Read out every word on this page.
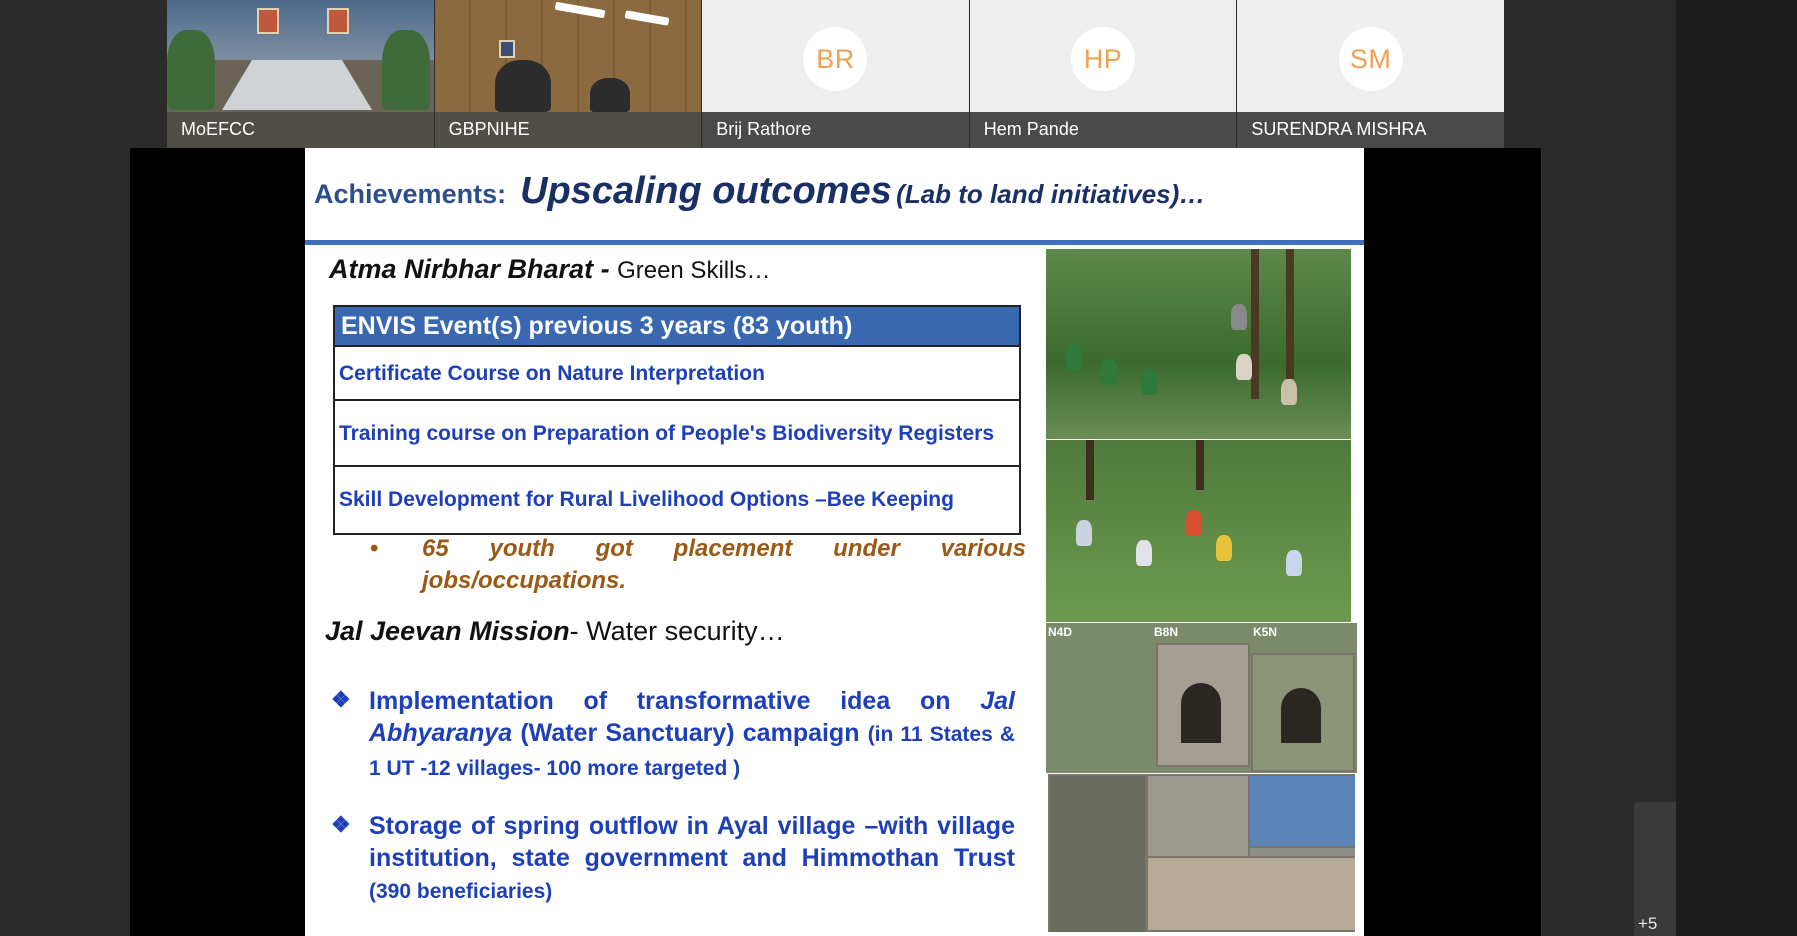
+5
MoEFCC	GBPNIHE
BR
Brij Rathore
HP
Hem Pande
SM
SURENDRA MISHRA
Achievements: Upscaling outcomes (Lab to land initiatives)…
Atma Nirbhar Bharat - Green Skills…
ENVIS Event(s) previous 3 years (83 youth)
Certificate Course on Nature Interpretation
Training course on Preparation of People's Biodiversity Registers
Skill Development for Rural Livelihood Options –Bee Keeping
•	65 youth got placement under various jobs/occupations.
Jal Jeevan Mission- Water security…
❖ Implementation of transformative idea on Jal Abhyaranya (Water Sanctuary) campaign (in 11 States & 1 UT -12 villages- 100 more targeted )
❖ Storage of spring outflow in Ayal village –with village institution, state government and Himmothan Trust (390 beneficiaries)
N4D	B8N	K5N
